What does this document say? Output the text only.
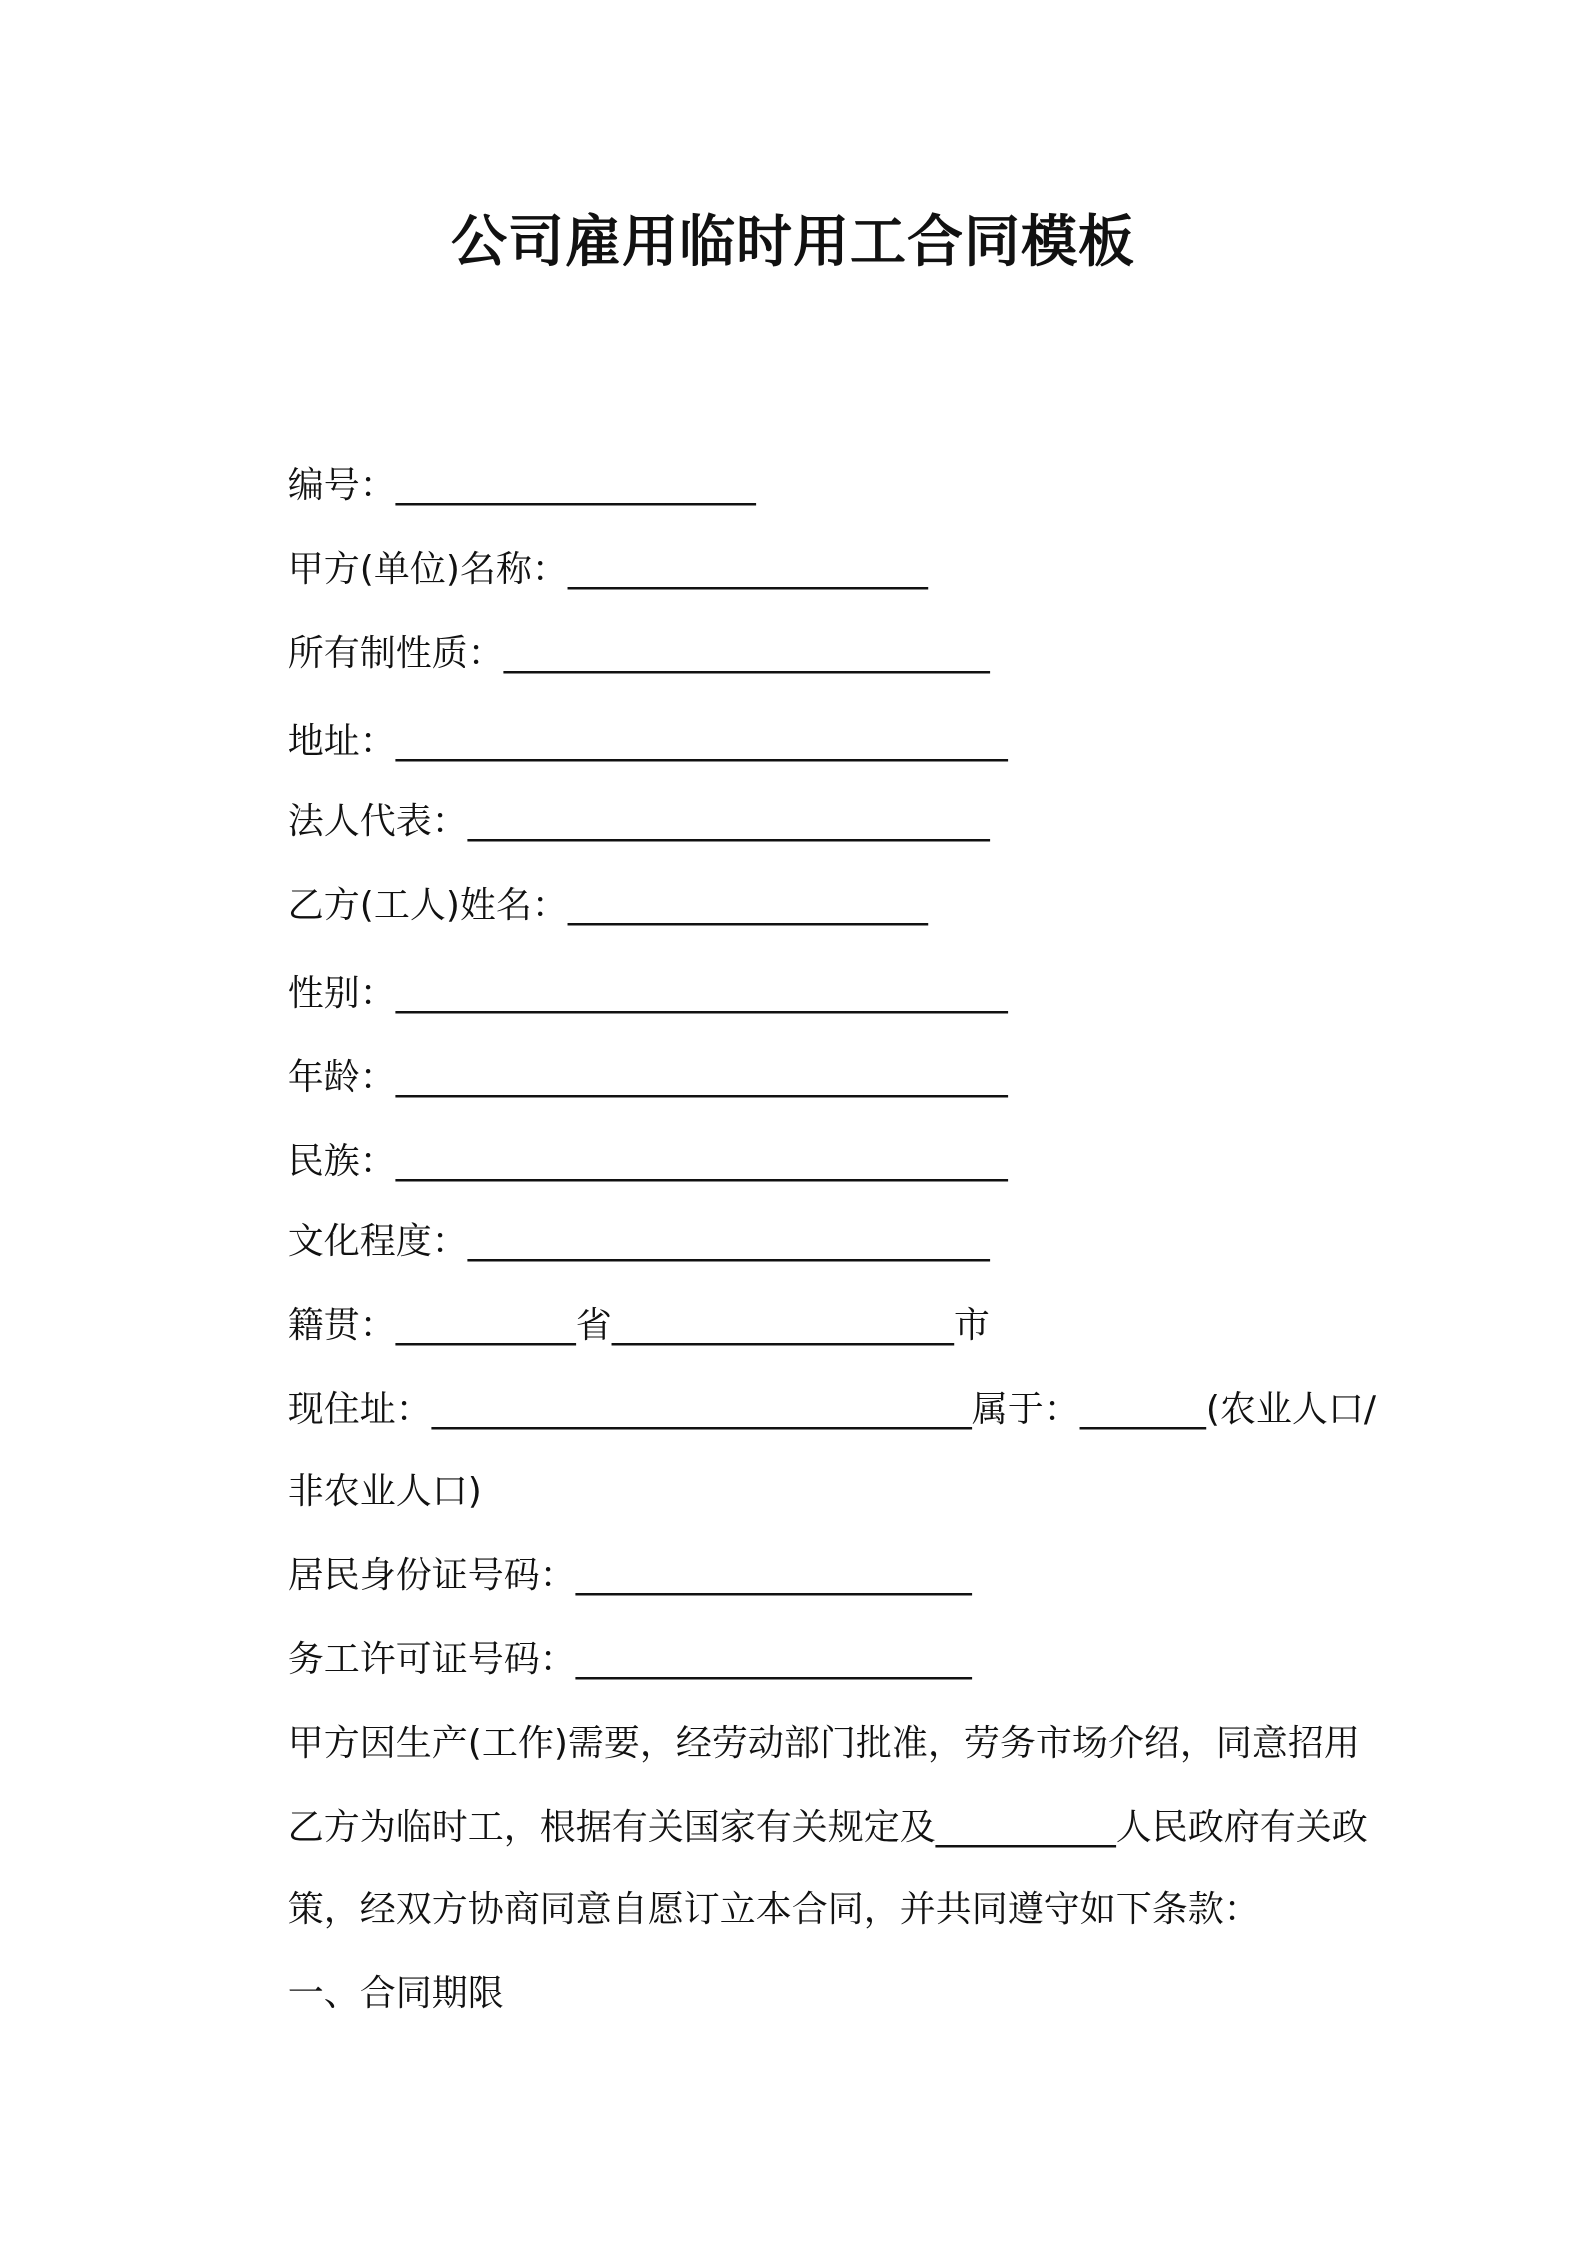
公司雇用临时用工合同模板

编号：____________________

甲方(单位)名称：____________________

所有制性质：___________________________

地址：__________________________________

法人代表：_____________________________

乙方(工人)姓名：____________________

性别：__________________________________

年龄：__________________________________

民族：__________________________________

文化程度：_____________________________

籍贯：__________省___________________市

现住址：______________________________属于：_______(农业人口/

非农业人口)

居民身份证号码：______________________

务工许可证号码：______________________

甲方因生产(工作)需要，经劳动部门批准，劳务市场介绍，同意招用

乙方为临时工，根据有关国家有关规定及__________人民政府有关政

策，经双方协商同意自愿订立本合同，并共同遵守如下条款：

一、合同期限
